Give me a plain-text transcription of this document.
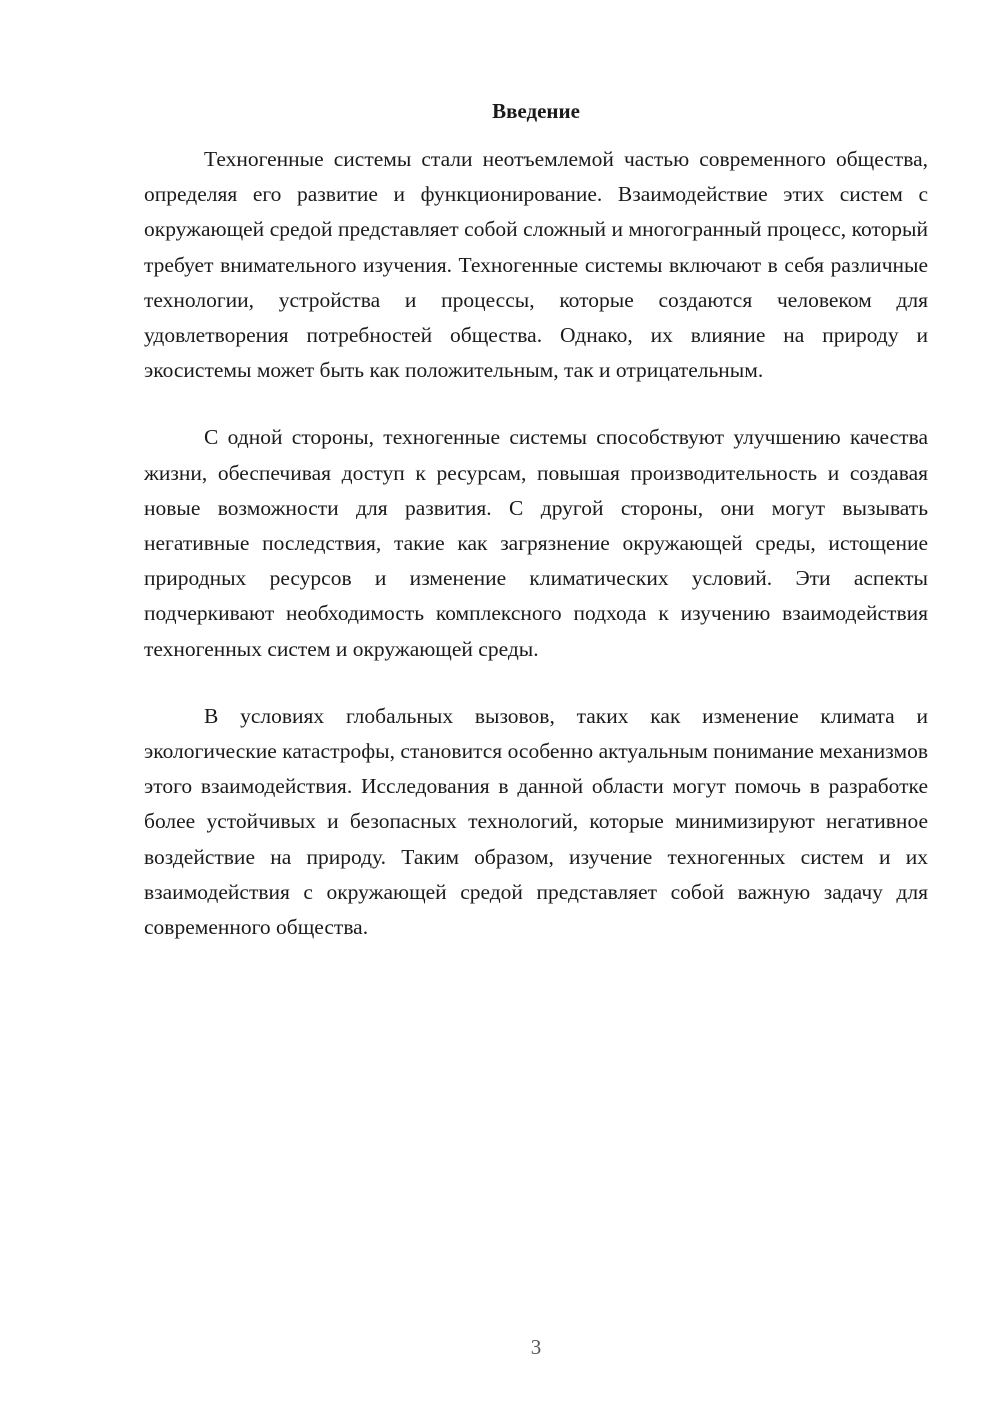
Введение

Техногенные системы стали неотъемлемой частью современного общества, определяя его развитие и функционирование. Взаимодействие этих систем с окружающей средой представляет собой сложный и многогранный процесс, который требует внимательного изучения. Техногенные системы включают в себя различные технологии, устройства и процессы, которые создаются человеком для удовлетворения потребностей общества. Однако, их влияние на природу и экосистемы может быть как положительным, так и отрицательным.

С одной стороны, техногенные системы способствуют улучшению качества жизни, обеспечивая доступ к ресурсам, повышая производительность и создавая новые возможности для развития. С другой стороны, они могут вызывать негативные последствия, такие как загрязнение окружающей среды, истощение природных ресурсов и изменение климатических условий. Эти аспекты подчеркивают необходимость комплексного подхода к изучению взаимодействия техногенных систем и окружающей среды.

В условиях глобальных вызовов, таких как изменение климата и экологические катастрофы, становится особенно актуальным понимание механизмов этого взаимодействия. Исследования в данной области могут помочь в разработке более устойчивых и безопасных технологий, которые минимизируют негативное воздействие на природу. Таким образом, изучение техногенных систем и их взаимодействия с окружающей средой представляет собой важную задачу для современного общества.

3
